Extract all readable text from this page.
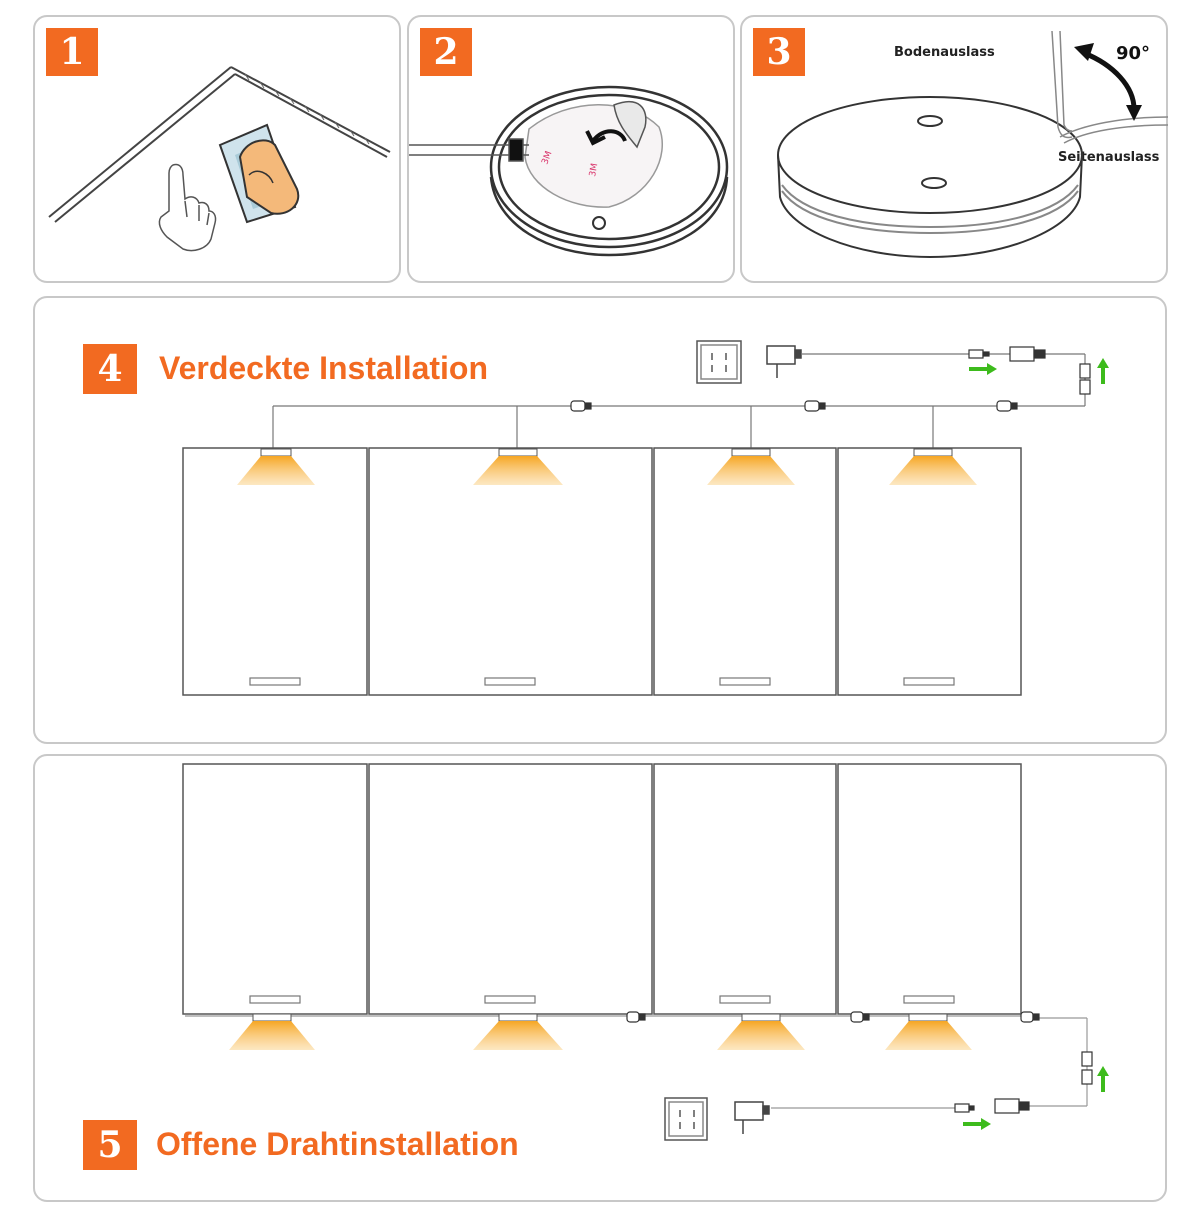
1	2
3M
3M
3	Bodenauslass
Seitenauslass
90°
4 Verdeckte Installation
5 Offene Drahtinstallation
